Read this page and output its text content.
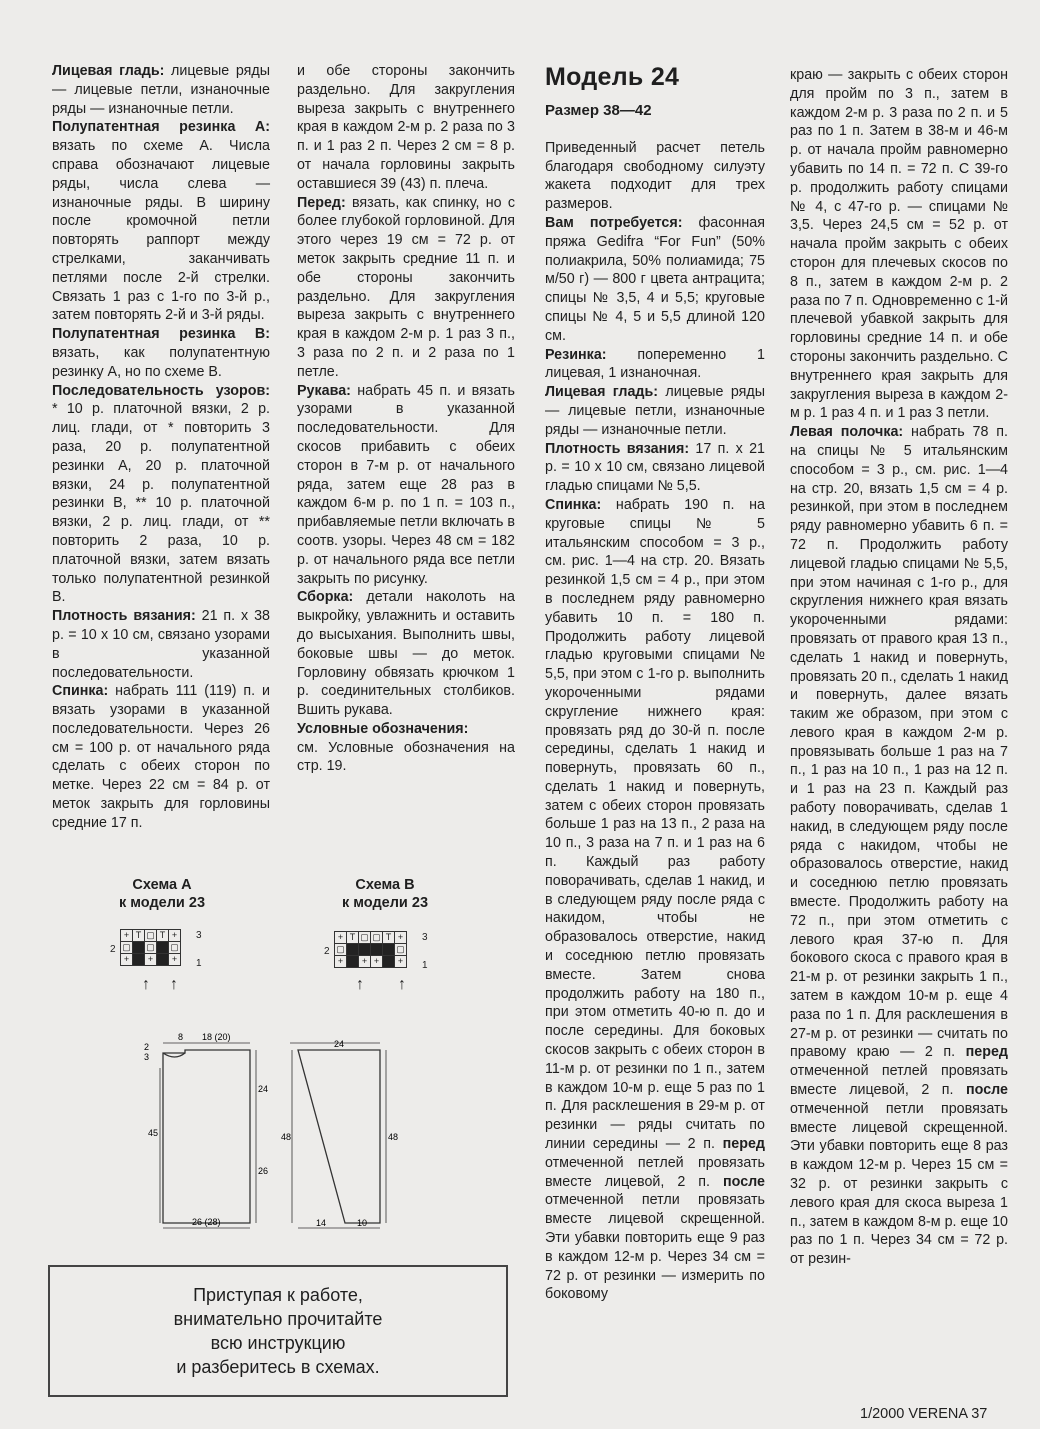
Лицевая гладь: лицевые ряды — лицевые петли, изнаночные ряды — изнаночные петли.

Полупатентная резинка А: вязать по схеме А. Числа справа обозначают лицевые ряды, числа слева — изнаночные ряды. В ширину после кромочной петли повторять раппорт между стрелками, заканчивать петлями после 2-й стрелки. Связать 1 раз с 1-го по 3-й р., затем повторять 2-й и 3-й ряды.

Полупатентная резинка В: вязать, как полупатентную резинку А, но по схеме В.

Последовательность узоров: * 10 р. платочной вязки, 2 р. лиц. глади, от * повторить 3 раза, 20 р. полупатентной резинки А, 20 р. платочной вязки, 24 р. полупатентной резинки В, ** 10 р. платочной вязки, 2 р. лиц. глади, от ** повторить 2 раза, 10 р. платочной вязки, затем вязать только полупатентной резинкой В.

Плотность вязания: 21 п. х 38 р. = 10 х 10 см, связано узорами в указанной последовательности.

Спинка: набрать 111 (119) п. и вязать узорами в указанной последовательности. Через 26 см = 100 р. от начального ряда сделать с обеих сторон по метке. Через 22 см = 84 р. от меток закрыть для горловины средние 17 п.

и обе стороны закончить раздельно. Для закругления выреза закрыть с внутреннего края в каждом 2-м р. 2 раза по 3 п. и 1 раз 2 п. Через 2 см = 8 р. от начала горловины закрыть оставшиеся 39 (43) п. плеча.

Перед: вязать, как спинку, но с более глубокой горловиной. Для этого через 19 см = 72 р. от меток закрыть средние 11 п. и обе стороны закончить раздельно. Для закругления выреза закрыть с внутреннего края в каждом 2-м р. 1 раз 3 п., 3 раза по 2 п. и 2 раза по 1 петле.

Рукава: набрать 45 п. и вязать узорами в указанной последовательности. Для скосов прибавить с обеих сторон в 7-м р. от начального ряда, затем еще 28 раз в каждом 6-м р. по 1 п. = 103 п., прибавляемые петли включать в соотв. узоры. Через 48 см = 182 р. от начального ряда все петли закрыть по рисунку.

Сборка: детали наколоть на выкройку, увлажнить и оставить до высыхания. Выполнить швы, боковые швы — до меток. Горловину обвязать крючком 1 р. соединительных столбиков. Вшить рукава.

Условные обозначения:

см. Условные обозначения на стр. 19.

Модель 24
Размер 38—42

Приведенный расчет петель благодаря свободному силуэту жакета подходит для трех размеров.

Вам потребуется: фасонная пряжа Gedifra “For Fun” (50% полиакрила, 50% полиамида; 75 м/50 г) — 800 г цвета антрацита; спицы № 3,5, 4 и 5,5; круговые спицы № 4, 5 и 5,5 длиной 120 см.

Резинка: попеременно 1 лицевая, 1 изнаночная.

Лицевая гладь: лицевые ряды — лицевые петли, изнаночные ряды — изнаночные петли.

Плотность вязания: 17 п. х 21 р. = 10 х 10 см, связано лицевой гладью спицами № 5,5.

Спинка: набрать 190 п. на круговые спицы № 5 итальянским способом = 3 р., см. рис. 1—4 на стр. 20. Вязать резинкой 1,5 см = 4 р., при этом в последнем ряду равномерно убавить 10 п. = 180 п. Продолжить работу лицевой гладью круговыми спицами № 5,5, при этом с 1-го р. выполнить укороченными рядами скругление нижнего края: провязать ряд до 30-й п. после середины, сделать 1 накид и повернуть, провязать 60 п., сделать 1 накид и повернуть, затем с обеих сторон провязать больше 1 раз на 13 п., 2 раза на 10 п., 3 раза на 7 п. и 1 раз на 6 п. Каждый раз работу поворачивать, сделав 1 накид, и в следующем ряду после ряда с накидом, чтобы не образовалось отверстие, накид и соседнюю петлю провязать вместе. Затем снова продолжить работу на 180 п., при этом отметить 40-ю п. до и после середины. Для боковых скосов закрыть с обеих сторон в 11-м р. от резинки по 1 п., затем в каждом 10-м р. еще 5 раз по 1 п. Для расклешения в 29-м р. от резинки — ряды считать по линии середины — 2 п. перед отмеченной петлей провязать вместе лицевой, 2 п. после отмеченной петли провязать вместе лицевой скрещенной. Эти убавки повторить еще 9 раз в каждом 12-м р. Через 34 см = 72 р. от резинки — измерить по боковому

краю — закрыть с обеих сторон для пройм по 3 п., затем в каждом 2-м р. 3 раза по 2 п. и 5 раз по 1 п. Затем в 38-м и 46-м р. от начала пройм равномерно убавить по 14 п. = 72 п. С 39-го р. продолжить работу спицами № 4, с 47-го р. — спицами № 3,5. Через 24,5 см = 52 р. от начала пройм закрыть с обеих сторон для плечевых скосов по 8 п., затем в каждом 2-м р. 2 раза по 7 п. Одновременно с 1-й плечевой убавкой закрыть для горловины средние 14 п. и обе стороны закончить раздельно. С внутреннего края закрыть для закругления выреза в каждом 2-м р. 1 раз 4 п. и 1 раз 3 петли.

Левая полочка: набрать 78 п. на спицы № 5 итальянским способом = 3 р., см. рис. 1—4 на стр. 20, вязать 1,5 см = 4 р. резинкой, при этом в последнем ряду равномерно убавить 6 п. = 72 п. Продолжить работу лицевой гладью спицами № 5,5, при этом начиная с 1-го р., для скругления нижнего края вязать укороченными рядами: провязать от правого края 13 п., сделать 1 накид и повернуть, провязать 20 п., сделать 1 накид и повернуть, далее вязать таким же образом, при этом с левого края в каждом 2-м р. провязывать больше 1 раз на 7 п., 1 раз на 10 п., 1 раз на 12 п. и 1 раз на 23 п. Каждый раз работу поворачивать, сделав 1 накид, в следующем ряду после ряда с накидом, чтобы не образовалось отверстие, накид и соседнюю петлю провязать вместе. Продолжить работу на 72 п., при этом отметить с левого края 37-ю п. Для бокового скоса с правого края в 21-м р. от резинки закрыть 1 п., затем в каждом 10-м р. еще 4 раза по 1 п. Для расклешения в 27-м р. от резинки — считать по правому краю — 2 п. перед отмеченной петлей провязать вместе лицевой, 2 п. после отмеченной петли провязать вместе лицевой скрещенной. Эти убавки повторить еще 8 раз в каждом 12-м р. Через 15 см = 32 р. от резинки закрыть с левого края для скоса выреза 1 п., затем в каждом 8-м р. еще 10 раз по 1 п. Через 34 см = 72 р. от резин-

Схема А
к модели 23
+	T	▢	T	+
▢		▢		▢
+		+		+
3
2
1
↑ ↑
Схема В
к модели 23
+	T	▢	▢	T	+
▢					▢
+		+	+		+
3
2
1
↑ ↑
8 18 (20)
2
3
45
24
26
26 (28)
24
48	48
14	10
Приступая к работе,
внимательно прочитайте
всю инструкцию
и разберитесь в схемах.
1/2000 VERENA 37
